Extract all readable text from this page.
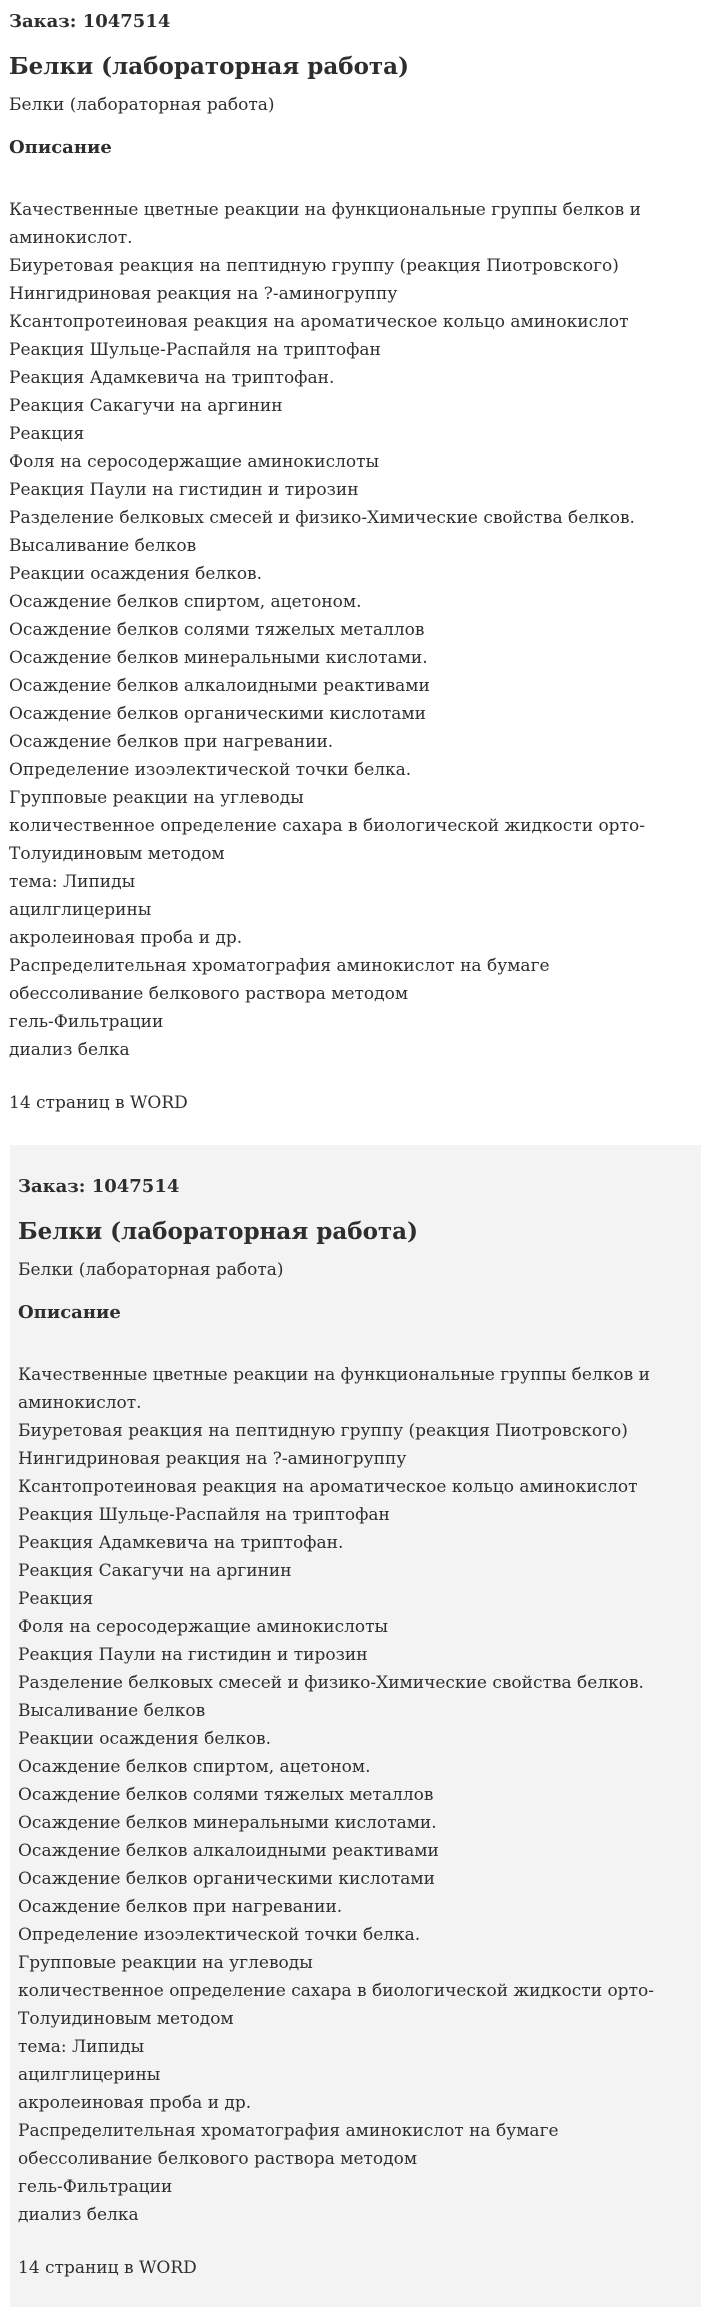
Заказ: 1047514
Белки (лабораторная работа)
Белки (лабораторная работа)
Описание
Качественные цветные реакции на функциональные группы белков и аминокислот.
Биуретовая реакция на пептидную группу (реакция Пиотровского)
Нингидриновая реакция на ?-аминогруппу
Ксантопротеиновая реакция на ароматическое кольцо аминокислот
Реакция Шульце-Распайля на триптофан
Реакция Адамкевича на триптофан.
Реакция Сакагучи на аргинин
Реакция
Фоля на серосодержащие аминокислоты
Реакция Паули на гистидин и тирозин
Разделение белковых смесей и физико-Химические свойства белков.
Высаливание белков
Реакции осаждения белков.
Осаждение белков спиртом, ацетоном.
Осаждение белков солями тяжелых металлов
Осаждение белков минеральными кислотами.
Осаждение белков алкалоидными реактивами
Осаждение белков органическими кислотами
Осаждение белков при нагревании.
Определение изоэлектической точки белка.
Групповые реакции на углеводы
количественное определение сахара в биологической жидкости орто-
Толуидиновым методом
тема: Липиды
ацилглицерины
акролеиновая проба и др.
Распределительная хроматография аминокислот на бумаге
обессоливание белкового раствора методом
гель-Фильтрации
диализ белка
14 страниц в WORD
Заказ: 1047514
Белки (лабораторная работа)
Белки (лабораторная работа)
Описание
Качественные цветные реакции на функциональные группы белков и аминокислот.
Биуретовая реакция на пептидную группу (реакция Пиотровского)
Нингидриновая реакция на ?-аминогруппу
Ксантопротеиновая реакция на ароматическое кольцо аминокислот
Реакция Шульце-Распайля на триптофан
Реакция Адамкевича на триптофан.
Реакция Сакагучи на аргинин
Реакция
Фоля на серосодержащие аминокислоты
Реакция Паули на гистидин и тирозин
Разделение белковых смесей и физико-Химические свойства белков.
Высаливание белков
Реакции осаждения белков.
Осаждение белков спиртом, ацетоном.
Осаждение белков солями тяжелых металлов
Осаждение белков минеральными кислотами.
Осаждение белков алкалоидными реактивами
Осаждение белков органическими кислотами
Осаждение белков при нагревании.
Определение изоэлектической точки белка.
Групповые реакции на углеводы
количественное определение сахара в биологической жидкости орто-
Толуидиновым методом
тема: Липиды
ацилглицерины
акролеиновая проба и др.
Распределительная хроматография аминокислот на бумаге
обессоливание белкового раствора методом
гель-Фильтрации
диализ белка
14 страниц в WORD
